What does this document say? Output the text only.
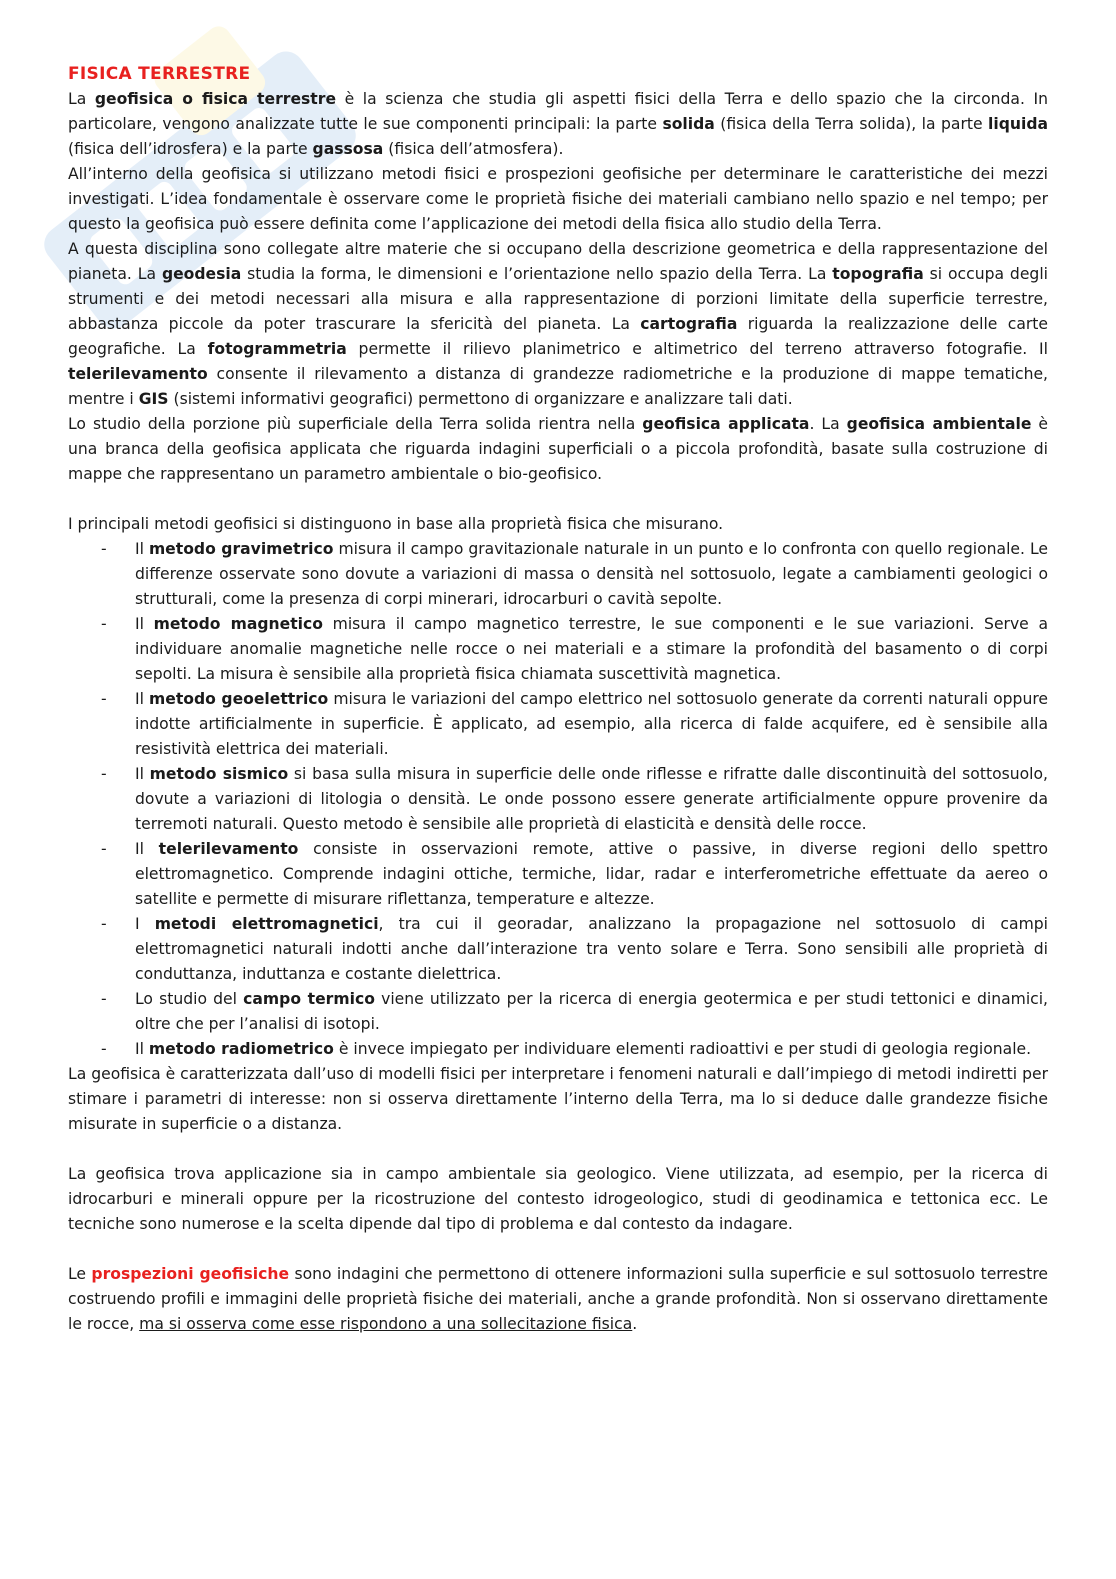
FISICA TERRESTRE

La geofisica o fisica terrestre è la scienza che studia gli aspetti fisici della Terra e dello spazio che la circonda. In particolare, vengono analizzate tutte le sue componenti principali: la parte solida (fisica della Terra solida), la parte liquida (fisica dell’idrosfera) e la parte gassosa (fisica dell’atmosfera).

All’interno della geofisica si utilizzano metodi fisici e prospezioni geofisiche per determinare le caratteristiche dei mezzi investigati. L’idea fondamentale è osservare come le proprietà fisiche dei materiali cambiano nello spazio e nel tempo; per questo la geofisica può essere definita come l’applicazione dei metodi della fisica allo studio della Terra.

A questa disciplina sono collegate altre materie che si occupano della descrizione geometrica e della rappresentazione del pianeta. La geodesia studia la forma, le dimensioni e l’orientazione nello spazio della Terra. La topografia si occupa degli strumenti e dei metodi necessari alla misura e alla rappresentazione di porzioni limitate della superficie terrestre, abbastanza piccole da poter trascurare la sfericità del pianeta. La cartografia riguarda la realizzazione delle carte geografiche. La fotogrammetria permette il rilievo planimetrico e altimetrico del terreno attraverso fotografie. Il telerilevamento consente il rilevamento a distanza di grandezze radiometriche e la produzione di mappe tematiche, mentre i GIS (sistemi informativi geografici) permettono di organizzare e analizzare tali dati.

Lo studio della porzione più superficiale della Terra solida rientra nella geofisica applicata. La geofisica ambientale è una branca della geofisica applicata che riguarda indagini superficiali o a piccola profondità, basate sulla costruzione di mappe che rappresentano un parametro ambientale o bio-geofisico.

I principali metodi geofisici si distinguono in base alla proprietà fisica che misurano.

- Il metodo gravimetrico misura il campo gravitazionale naturale in un punto e lo confronta con quello regionale. Le differenze osservate sono dovute a variazioni di massa o densità nel sottosuolo, legate a cambiamenti geologici o strutturali, come la presenza di corpi minerari, idrocarburi o cavità sepolte.
- Il metodo magnetico misura il campo magnetico terrestre, le sue componenti e le sue variazioni. Serve a individuare anomalie magnetiche nelle rocce o nei materiali e a stimare la profondità del basamento o di corpi sepolti. La misura è sensibile alla proprietà fisica chiamata suscettività magnetica.
- Il metodo geoelettrico misura le variazioni del campo elettrico nel sottosuolo generate da correnti naturali oppure indotte artificialmente in superficie. È applicato, ad esempio, alla ricerca di falde acquifere, ed è sensibile alla resistività elettrica dei materiali.
- Il metodo sismico si basa sulla misura in superficie delle onde riflesse e rifratte dalle discontinuità del sottosuolo, dovute a variazioni di litologia o densità. Le onde possono essere generate artificialmente oppure provenire da terremoti naturali. Questo metodo è sensibile alle proprietà di elasticità e densità delle rocce.
- Il telerilevamento consiste in osservazioni remote, attive o passive, in diverse regioni dello spettro elettromagnetico. Comprende indagini ottiche, termiche, lidar, radar e interferometriche effettuate da aereo o satellite e permette di misurare riflettanza, temperature e altezze.
- I metodi elettromagnetici, tra cui il georadar, analizzano la propagazione nel sottosuolo di campi elettromagnetici naturali indotti anche dall’interazione tra vento solare e Terra. Sono sensibili alle proprietà di conduttanza, induttanza e costante dielettrica.
- Lo studio del campo termico viene utilizzato per la ricerca di energia geotermica e per studi tettonici e dinamici, oltre che per l’analisi di isotopi.
- Il metodo radiometrico è invece impiegato per individuare elementi radioattivi e per studi di geologia regionale.

La geofisica è caratterizzata dall’uso di modelli fisici per interpretare i fenomeni naturali e dall’impiego di metodi indiretti per stimare i parametri di interesse: non si osserva direttamente l’interno della Terra, ma lo si deduce dalle grandezze fisiche misurate in superficie o a distanza.

La geofisica trova applicazione sia in campo ambientale sia geologico. Viene utilizzata, ad esempio, per la ricerca di idrocarburi e minerali oppure per la ricostruzione del contesto idrogeologico, studi di geodinamica e tettonica ecc. Le tecniche sono numerose e la scelta dipende dal tipo di problema e dal contesto da indagare.

Le prospezioni geofisiche sono indagini che permettono di ottenere informazioni sulla superficie e sul sottosuolo terrestre costruendo profili e immagini delle proprietà fisiche dei materiali, anche a grande profondità. Non si osservano direttamente le rocce, ma si osserva come esse rispondono a una sollecitazione fisica.
